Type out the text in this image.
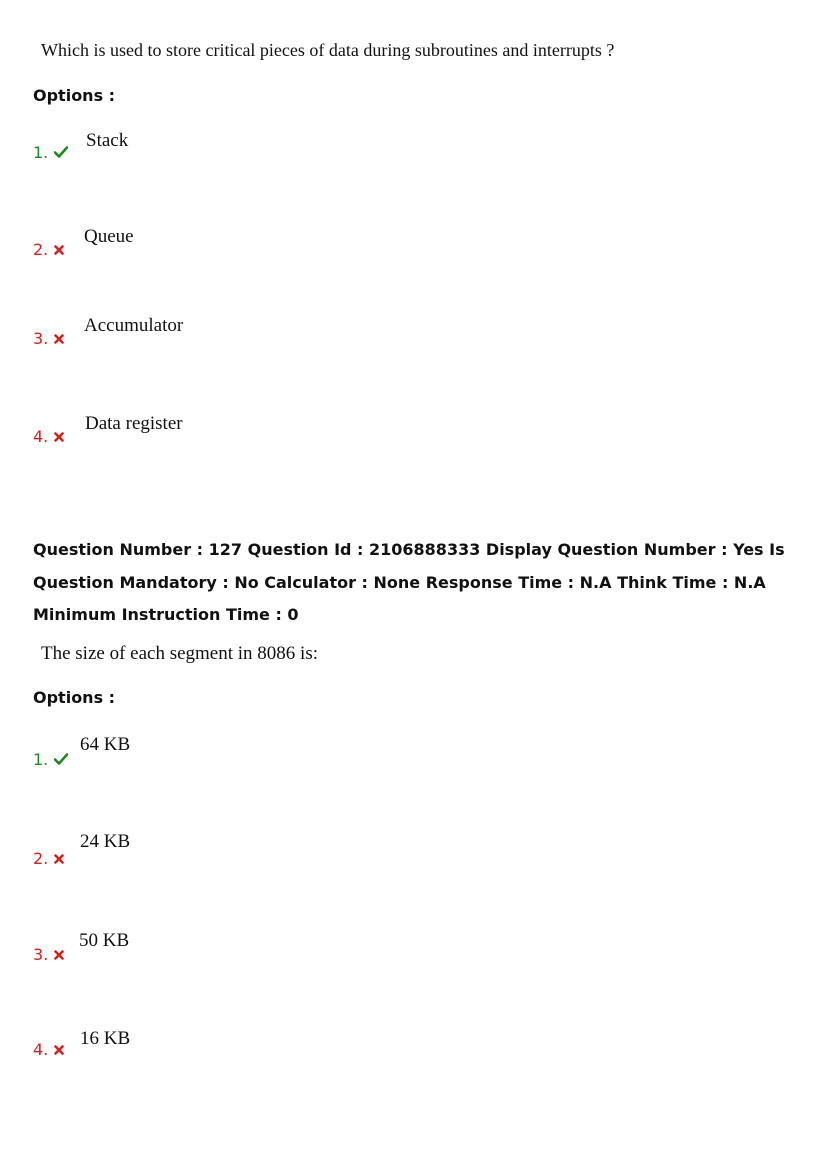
Which is used to store critical pieces of data during subroutines and interrupts ?
Options :
1.
Stack
2.
Queue
3.
Accumulator
4.
Data register
Question Number : 127 Question Id : 2106888333 Display Question Number : Yes Is Question Mandatory : No Calculator : None Response Time : N.A Think Time : N.A Minimum Instruction Time : 0
The size of each segment in 8086 is:
Options :
1.
64 KB
2.
24 KB
3.
50 KB
4.
16 KB
